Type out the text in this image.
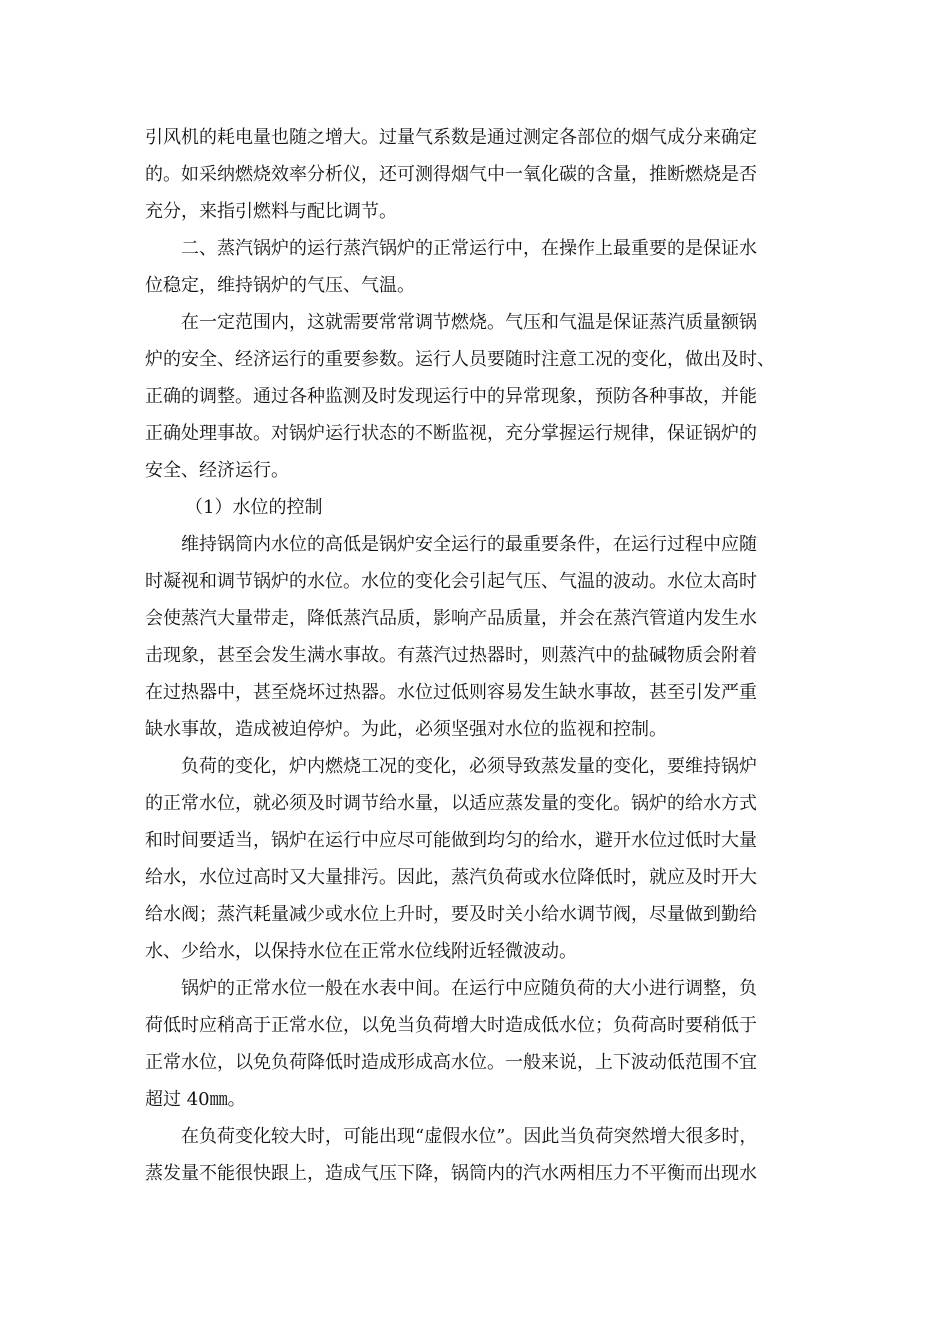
引风机的耗电量也随之增大。过量气系数是通过测定各部位的烟气成分来确定
的。如采纳燃烧效率分析仪，还可测得烟气中一氧化碳的含量，推断燃烧是否
充分，来指引燃料与配比调节。
二、蒸汽锅炉的运行蒸汽锅炉的正常运行中，在操作上最重要的是保证水
位稳定，维持锅炉的气压、气温。
在一定范围内，这就需要常常调节燃烧。气压和气温是保证蒸汽质量额锅
炉的安全、经济运行的重要参数。运行人员要随时注意工况的变化，做出及时、
正确的调整。通过各种监测及时发现运行中的异常现象，预防各种事故，并能
正确处理事故。对锅炉运行状态的不断监视，充分掌握运行规律，保证锅炉的
安全、经济运行。
（1）水位的控制
维持锅筒内水位的高低是锅炉安全运行的最重要条件，在运行过程中应随
时凝视和调节锅炉的水位。水位的变化会引起气压、气温的波动。水位太高时
会使蒸汽大量带走，降低蒸汽品质，影响产品质量，并会在蒸汽管道内发生水
击现象，甚至会发生满水事故。有蒸汽过热器时，则蒸汽中的盐碱物质会附着
在过热器中，甚至烧坏过热器。水位过低则容易发生缺水事故，甚至引发严重
缺水事故，造成被迫停炉。为此，必须坚强对水位的监视和控制。
负荷的变化，炉内燃烧工况的变化，必须导致蒸发量的变化，要维持锅炉
的正常水位，就必须及时调节给水量，以适应蒸发量的变化。锅炉的给水方式
和时间要适当，锅炉在运行中应尽可能做到均匀的给水，避开水位过低时大量
给水，水位过高时又大量排污。因此，蒸汽负荷或水位降低时，就应及时开大
给水阀；蒸汽耗量减少或水位上升时，要及时关小给水调节阀，尽量做到勤给
水、少给水，以保持水位在正常水位线附近轻微波动。
锅炉的正常水位一般在水表中间。在运行中应随负荷的大小进行调整，负
荷低时应稍高于正常水位，以免当负荷增大时造成低水位；负荷高时要稍低于
正常水位，以免负荷降低时造成形成高水位。一般来说，上下波动低范围不宜
超过 40㎜。
在负荷变化较大时，可能出现“虚假水位”。因此当负荷突然增大很多时，
蒸发量不能很快跟上，造成气压下降，锅筒内的汽水两相压力不平衡而出现水
